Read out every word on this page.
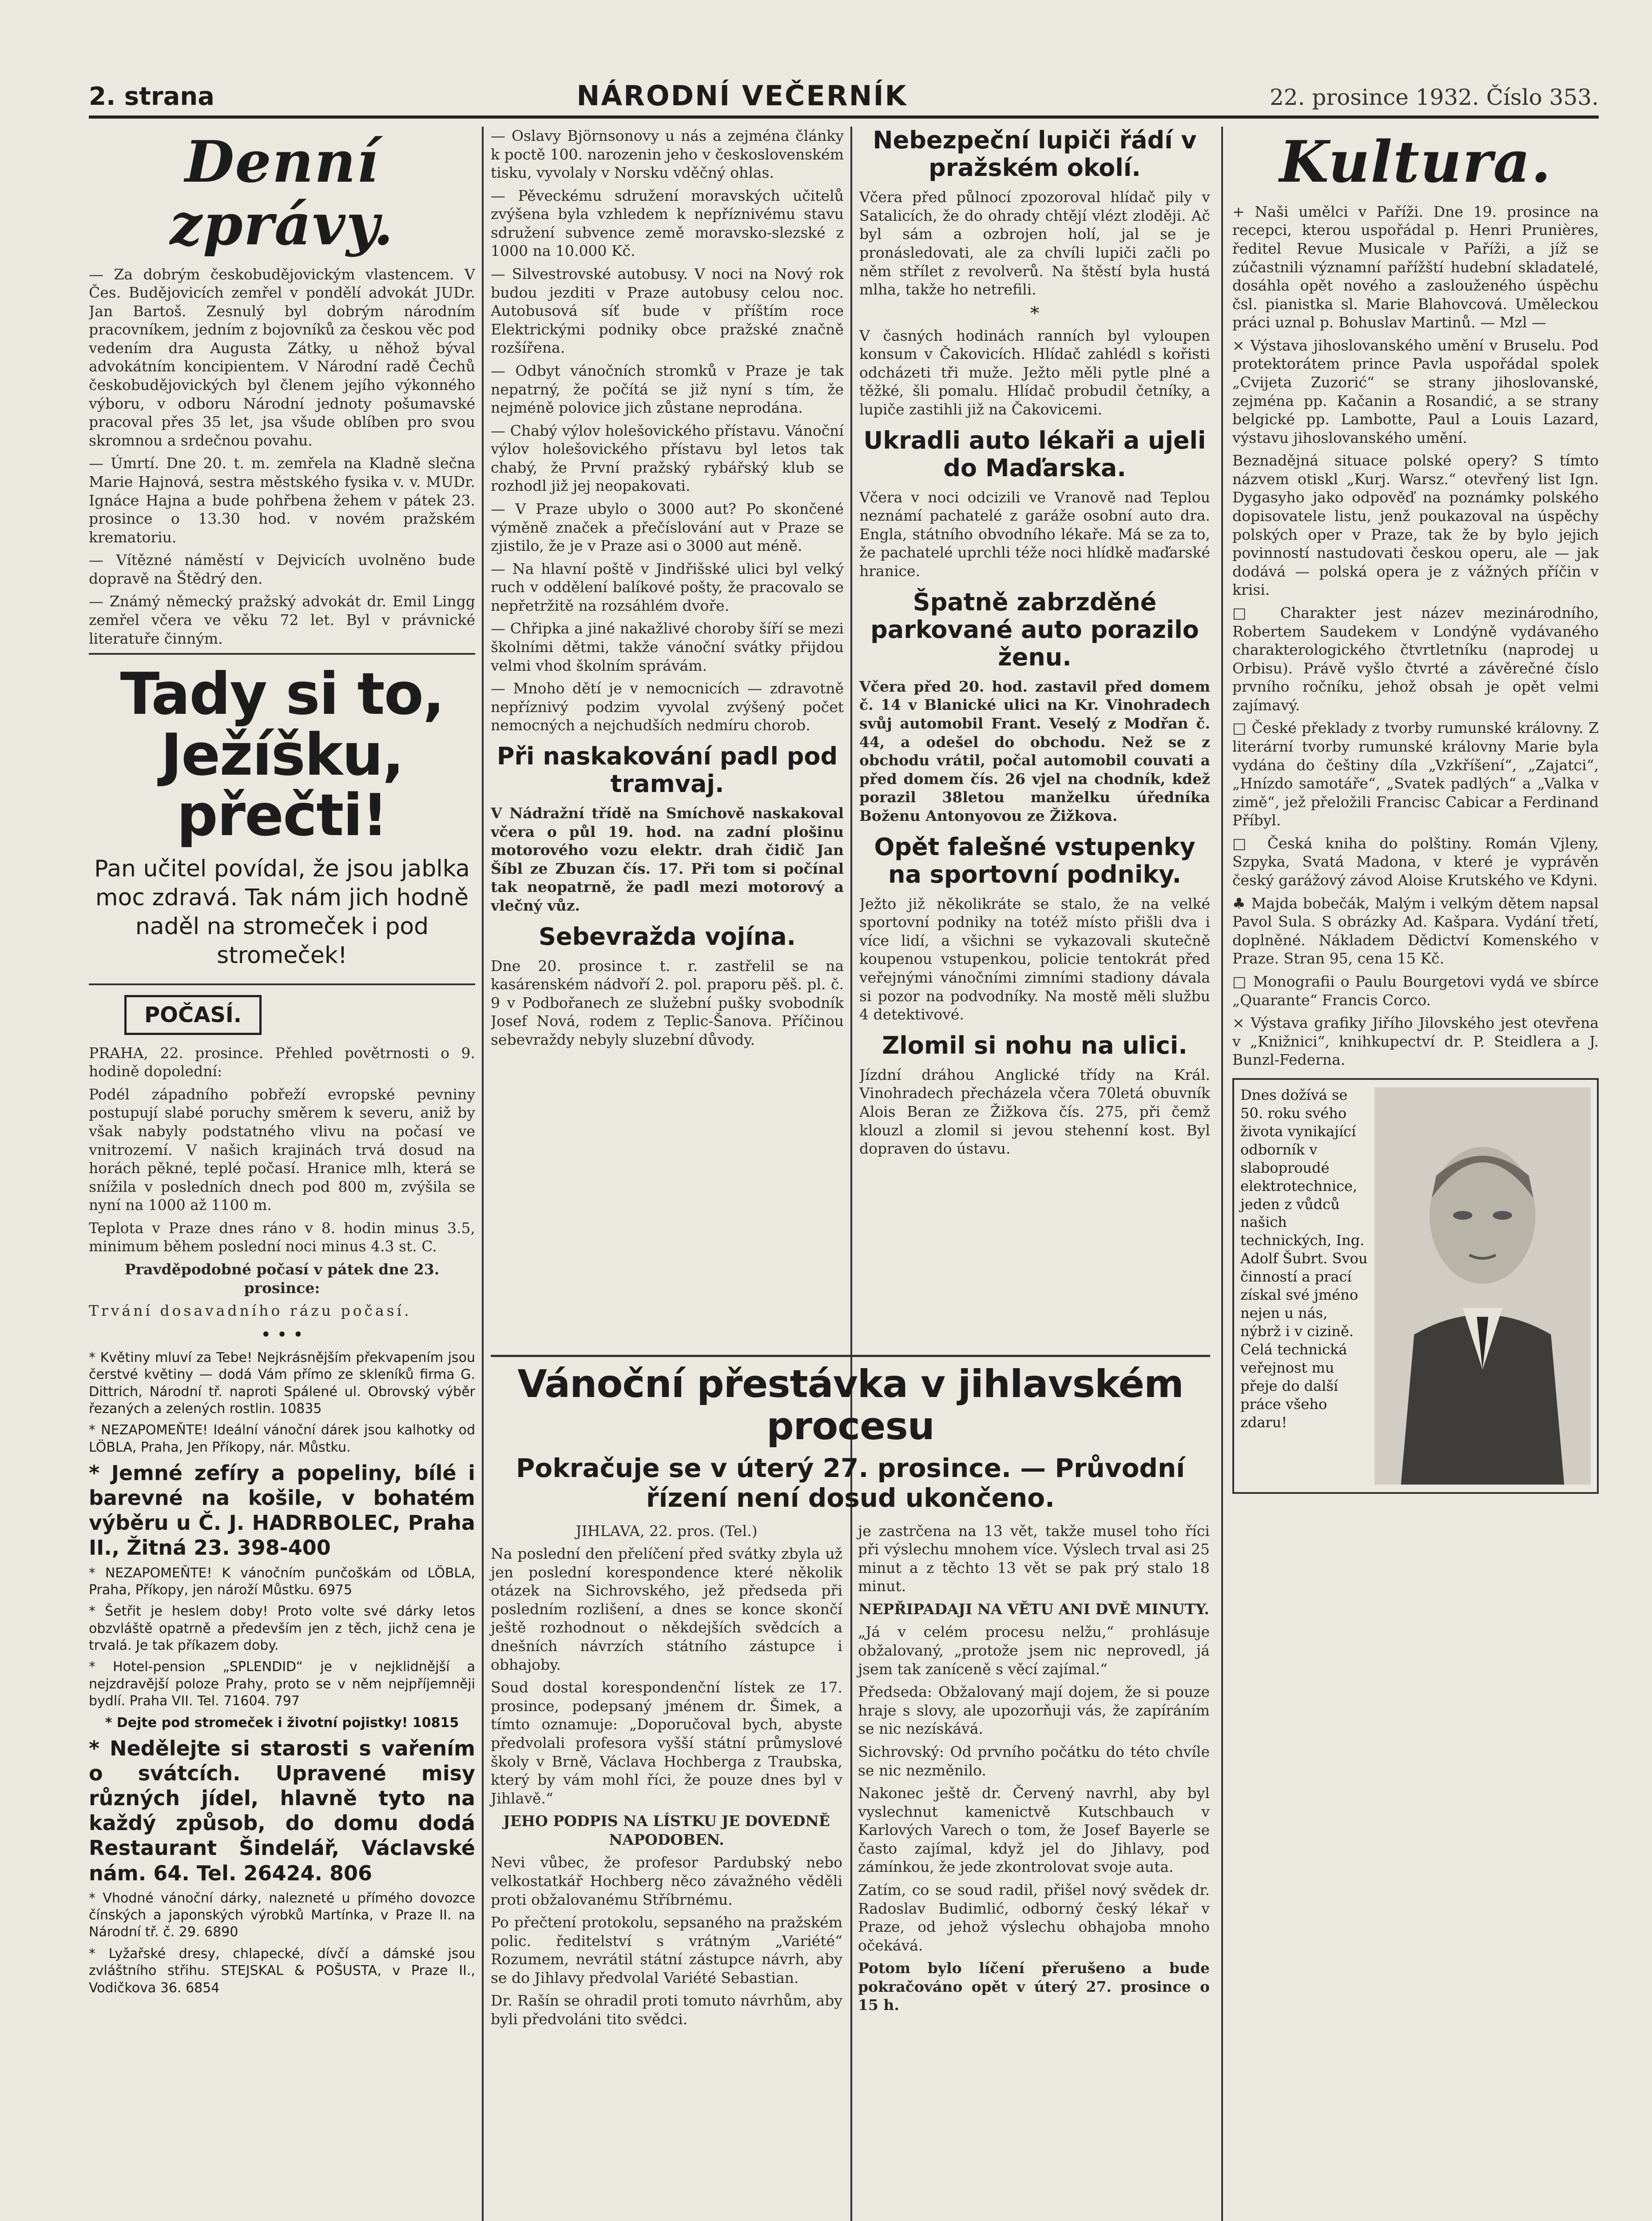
2. strana	NÁRODNÍ VEČERNÍK	22. prosince 1932. Číslo 353.
Denní zprávy.

— Za dobrým českobudějovickým vlastencem. V Čes. Budějovicích zemřel v pondělí advokát JUDr. Jan Bartoš. Zesnulý byl dobrým národním pracovníkem, jedním z bojovníků za českou věc pod vedením dra Augusta Zátky, u něhož býval advokátním koncipientem. V Národní radě Čechů českobudějovických byl členem jejího výkonného výboru, v odboru Národní jednoty pošumavské pracoval přes 35 let, jsa všude oblíben pro svou skromnou a srdečnou povahu.

— Úmrtí. Dne 20. t. m. zemřela na Kladně slečna Marie Hajnová, sestra městského fysika v. v. MUDr. Ignáce Hajna a bude pohřbena žehem v pátek 23. prosince o 13.30 hod. v novém pražském krematoriu.

— Vítězné náměstí v Dejvicích uvolněno bude dopravě na Štědrý den.

— Známý německý pražský advokát dr. Emil Lingg zemřel včera ve věku 72 let. Byl v právnické literatuře činným.

Tady si to, Ježíšku, přečti!
Pan učitel povídal, že jsou jablka moc zdravá. Tak nám jich hodně naděl na stromeček i pod stromeček!
POČASÍ.

PRAHA, 22. prosince. Přehled povětrnosti o 9. hodině dopolední:

Podél západního pobřeží evropské pevniny postupují slabé poruchy směrem k severu, aniž by však nabyly podstatného vlivu na počasí ve vnitrozemí. V našich krajinách trvá dosud na horách pěkné, teplé počasí. Hranice mlh, která se snížila v posledních dnech pod 800 m, zvýšila se nyní na 1000 až 1100 m.

Teplota v Praze dnes ráno v 8. hodin minus 3.5, minimum během poslední noci minus 4.3 st. C.

Pravděpodobné počasí v pátek dne 23. prosince:

Trvání dosavadního rázu počasí.

• • •
* Květiny mluví za Tebe! Nejkrásnějším překvapením jsou čerstvé květiny — dodá Vám přímo ze skleníků firma G. Dittrich, Národní tř. naproti Spálené ul. Obrovský výběr řezaných a zelených rostlin. 10835
* NEZAPOMEŇTE! Ideální vánoční dárek jsou kalhotky od LÖBLA, Praha, Jen Příkopy, nár. Můstku.
* Jemné zefíry a popeliny, bílé i barevné na košile, v bohatém výběru u Č. J. HADRBOLEC, Praha II., Žitná 23. 398-400
* NEZAPOMEŇTE! K vánočním punčoškám od LÖBLA, Praha, Příkopy, jen nároží Můstku. 6975
* Šetřit je heslem doby! Proto volte své dárky letos obzvláště opatrně a především jen z těch, jichž cena je trvalá. Je tak příkazem doby.
* Hotel-pension „SPLENDID“ je v nejklidnější a nejzdravější poloze Prahy, proto se v něm nejpříjemněji bydlí. Praha VII. Tel. 71604. 797
* Dejte pod stromeček i životní pojistky! 10815
* Nedělejte si starosti s vařením o svátcích. Upravené misy různých jídel, hlavně tyto na každý způsob, do domu dodá Restaurant Šindelář, Václavské nám. 64. Tel. 26424. 806
* Vhodné vánoční dárky, nalezneté u přímého dovozce čínských a japonských výrobků Martínka, v Praze II. na Národní tř. č. 29. 6890
* Lyžařské dresy, chlapecké, dívčí a dámské jsou zvláštního střihu. STEJSKAL & POŠUSTA, v Praze II., Vodičkova 36. 6854

— Oslavy Björnsonovy u nás a zejména články k poctě 100. narozenin jeho v československém tisku, vyvolaly v Norsku vděčný ohlas.

— Pěveckému sdružení moravských učitelů zvýšena byla vzhledem k nepříznivému stavu sdružení subvence země moravsko-slezské z 1000 na 10.000 Kč.

— Silvestrovské autobusy. V noci na Nový rok budou jezditi v Praze autobusy celou noc. Autobusová síť bude v příštím roce Elektrickými podniky obce pražské značně rozšířena.

— Odbyt vánočních stromků v Praze je tak nepatrný, že počítá se již nyní s tím, že nejméně polovice jich zůstane neprodána.

— Chabý výlov holešovického přístavu. Vánoční výlov holešovického přístavu byl letos tak chabý, že První pražský rybářský klub se rozhodl již jej neopakovati.

— V Praze ubylo o 3000 aut? Po skončené výměně značek a přečíslování aut v Praze se zjistilo, že je v Praze asi o 3000 aut méně.

— Na hlavní poště v Jindřišské ulici byl velký ruch v oddělení balíkové pošty, že pracovalo se nepřetržitě na rozsáhlém dvoře.

— Chřipka a jiné nakažlivé choroby šíří se mezi školními dětmi, takže vánoční svátky přijdou velmi vhod školním správám.

— Mnoho dětí je v nemocnicích — zdravotně nepříznivý podzim vyvolal zvýšený počet nemocných a nejchudších nedmíru chorob.

Při naskakování padl pod tramvaj.

V Nádražní třídě na Smíchově naskakoval včera o půl 19. hod. na zadní plošinu motorového vozu elektr. drah čidič Jan Šíbl ze Zbuzan čís. 17. Při tom si počínal tak neopatrně, že padl mezi motorový a vlečný vůz.

Sebevražda vojína.

Dne 20. prosince t. r. zastřelil se na kasárenském nádvoří 2. pol. praporu pěš. pl. č. 9 v Podbořanech ze služební pušky svobodník Josef Nová, rodem z Teplic-Šanova. Příčinou sebevraždy nebyly sluzební důvody.

Nebezpeční lupiči řádí v pražském okolí.

Včera před půlnocí zpozoroval hlídač pily v Satalicích, že do ohrady chtějí vlézt zloději. Ač byl sám a ozbrojen holí, jal se je pronásledovati, ale za chvíli lupiči začli po něm střílet z revolverů. Na štěstí byla hustá mlha, takže ho netrefili.

*

V časných hodinách ranních byl vyloupen konsum v Čakovicích. Hlídač zahlédl s kořisti odcházeti tři muže. Ježto měli pytle plné a těžké, šli pomalu. Hlídač probudil četníky, a lupiče zastihli již na Čakovicemi.

Ukradli auto lékaři a ujeli do Maďarska.

Včera v noci odcizili ve Vranově nad Teplou neznámí pachatelé z garáže osobní auto dra. Engla, státního obvodního lékaře. Má se za to, že pachatelé uprchli téže noci hlídkě maďarské hranice.

Špatně zabrzděné parkované auto porazilo ženu.

Včera před 20. hod. zastavil před domem č. 14 v Blanické ulici na Kr. Vinohradech svůj automobil Frant. Veselý z Modřan č. 44, a odešel do obchodu. Než se z obchodu vrátil, počal automobil couvati a před domem čís. 26 vjel na chodník, kdež porazil 38letou manželku úředníka Boženu Antonyovou ze Žižkova.

Opět falešné vstupenky na sportovní podniky.

Ježto již několikráte se stalo, že na velké sportovní podniky na totéž místo přišli dva i více lidí, a všichni se vykazovali skutečně koupenou vstupenkou, policie tentokrát před veřejnými vánočními zimními stadiony dávala si pozor na podvodníky. Na mostě měli službu 4 detektivové.

Zlomil si nohu na ulici.

Jízdní dráhou Anglické třídy na Král. Vinohradech přecházela včera 70letá obuvník Alois Beran ze Žižkova čís. 275, při čemž klouzl a zlomil si jevou stehenní kost. Byl dopraven do ústavu.

Vánoční přestávka v jihlavském procesu
Pokračuje se v úterý 27. prosince. — Průvodní řízení není dosud ukončeno.

JIHLAVA, 22. pros. (Tel.)

Na poslední den přelíčení před svátky zbyla už jen poslední korespondence které několik otázek na Sichrovského, jež předseda při posledním rozlišení, a dnes se konce skončí ještě rozhodnout o někdejších svědcích a dnešních návrzích státního zástupce i obhajoby.

Soud dostal korespondenční lístek ze 17. prosince, podepsaný jménem dr. Šimek, a tímto oznamuje: „Doporučoval bych, abyste předvolali profesora vyšší státní průmyslové školy v Brně, Václava Hochberga z Traubska, který by vám mohl říci, že pouze dnes byl v Jihlavě.“

JEHO PODPIS NA LÍSTKU JE DOVEDNĚ NAPODOBEN.

Nevi vůbec, že profesor Pardubský nebo velkostatkář Hochberg něco závažného věděli proti obžalovanému Stříbrnému.

Po přečtení protokolu, sepsaného na pražském polic. ředitelství s vrátným „Variété“ Rozumem, nevrátil státní zástupce návrh, aby se do Jihlavy předvolal Variété Sebastian.

Dr. Rašín se ohradil proti tomuto návrhům, aby byli předvoláni tito svědci.

je zastrčena na 13 vět, takže musel toho říci při výslechu mnohem více. Výslech trval asi 25 minut a z těchto 13 vět se pak prý stalo 18 minut.

NEPŘIPADAJI NA VĚTU ANI DVĚ MINUTY.

„Já v celém procesu nelžu,“ prohlásuje obžalovaný, „protože jsem nic neprovedl, já jsem tak zaníceně s věcí zajímal.“

Předseda: Obžalovaný mají dojem, že si pouze hraje s slovy, ale upozorňuji vás, že zapíráním se nic nezískává.

Sichrovský: Od prvního počátku do této chvíle se nic nezměnilo.

Nakonec ještě dr. Červený navrhl, aby byl vyslechnut kamenictvě Kutschbauch v Karlových Varech o tom, že Josef Bayerle se často zajímal, když jel do Jihlavy, pod zámínkou, že jede zkontrolovat svoje auta.

Zatím, co se soud radil, přišel nový svědek dr. Radoslav Budimlić, odborný český lékař v Praze, od jehož výslechu obhajoba mnoho očekává.

Potom bylo líčení přerušeno a bude pokračováno opět v úterý 27. prosince o 15 h.

Kultura.

+ Naši umělci v Paříži. Dne 19. prosince na recepci, kterou uspořádal p. Henri Prunières, ředitel Revue Musicale v Paříži, a jíž se zúčastnili významní pařížští hudební skladatelé, dosáhla opět nového a zaslouženého úspěchu čsl. pianistka sl. Marie Blahovcová. Uměleckou práci uznal p. Bohuslav Martinů. — Mzl —

× Výstava jihoslovanského umění v Bruselu. Pod protektorátem prince Pavla uspořádal spolek „Cvijeta Zuzorić“ se strany jihoslovanské, zejména pp. Kačanin a Rosandić, a se strany belgické pp. Lambotte, Paul a Louis Lazard, výstavu jihoslovanského umění.

Beznadějná situace polské opery? S tímto názvem otiskl „Kurj. Warsz.“ otevřený list Ign. Dygasyho jako odpověď na poznámky polského dopisovatele listu, jenž poukazoval na úspěchy polských oper v Praze, tak že by bylo jejich povinností nastudovati českou operu, ale — jak dodává — polská opera je z vážných příčin v krisi.

□ Charakter jest název mezinárodního, Robertem Saudekem v Londýně vydávaného charakterologického čtvrtletníku (naprodej u Orbisu). Právě vyšlo čtvrté a závěrečné číslo prvního ročníku, jehož obsah je opět velmi zajímavý.

□ České překlady z tvorby rumunské královny. Z literární tvorby rumunské královny Marie byla vydána do češtiny díla „Vzkříšení“, „Zajatci“, „Hnízdo samotáře“, „Svatek padlých“ a „Valka v zimě“, jež přeložili Francisc Cabicar a Ferdinand Příbyl.

□ Česká kniha do polštiny. Román Vjleny, Szpyka, Svatá Madona, v které je vyprávěn český garážový závod Aloise Krutského ve Kdyni.

♣ Majda bobečák, Malým i velkým dětem napsal Pavol Sula. S obrázky Ad. Kašpara. Vydání třetí, doplněné. Nákladem Dědictví Komenského v Praze. Stran 95, cena 15 Kč.

□ Monografii o Paulu Bourgetovi vydá ve sbírce „Quarante“ Francis Corco.

× Výstava grafiky Jiřího Jilovského jest otevřena v „Knižnici“, knihkupectví dr. P. Steidlera a J. Bunzl-Federna.

Dnes dožívá se 50. roku svého života vynikající odborník v slaboproudé elektrotechnice, jeden z vůdců našich technických, Ing. Adolf Šubrt. Svou činností a prací získal své jméno nejen u nás, nýbrž i v cizině. Celá technická veřejnost mu přeje do další práce všeho zdaru!
